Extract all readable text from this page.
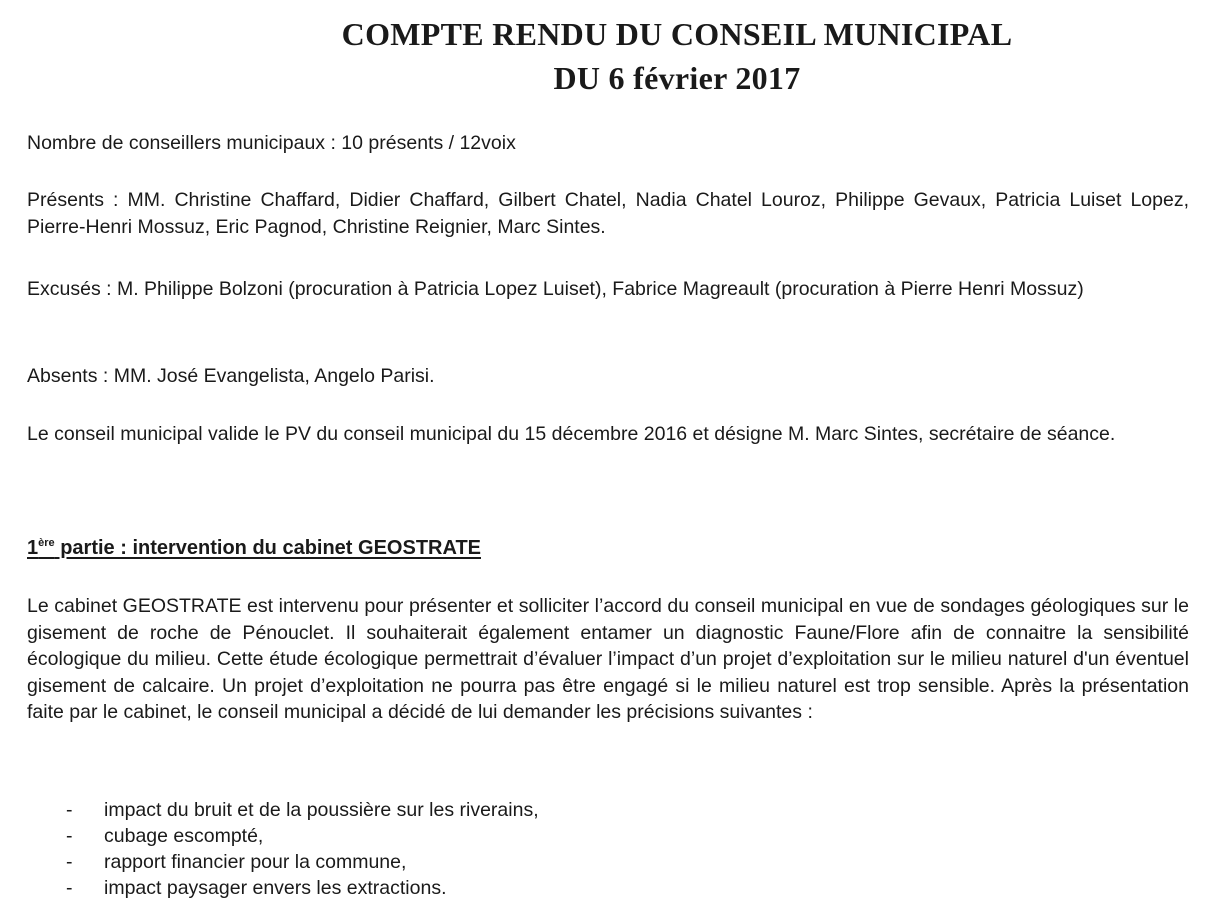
COMPTE RENDU DU CONSEIL MUNICIPAL
DU 6 février 2017

Nombre de conseillers municipaux : 10 présents / 12voix

Présents : MM. Christine Chaffard, Didier Chaffard, Gilbert Chatel, Nadia Chatel Louroz, Philippe Gevaux, Patricia Luiset Lopez, Pierre-Henri Mossuz, Eric Pagnod, Christine Reignier, Marc Sintes.

Excusés : M. Philippe Bolzoni (procuration à Patricia Lopez Luiset), Fabrice Magreault (procuration à Pierre Henri Mossuz)

Absents : MM. José Evangelista, Angelo Parisi.

Le conseil municipal valide le PV du conseil municipal du 15 décembre 2016 et désigne M. Marc Sintes, secrétaire de séance.

1ère partie : intervention du cabinet GEOSTRATE

Le cabinet GEOSTRATE est intervenu pour présenter et solliciter l’accord du conseil municipal en vue de sondages géologiques sur le gisement de roche de Pénouclet. Il souhaiterait également entamer un diagnostic Faune/Flore afin de connaitre la sensibilité écologique du milieu. Cette étude écologique permettrait d’évaluer l’impact d’un projet d’exploitation sur le milieu naturel d'un éventuel gisement de calcaire. Un projet d’exploitation ne pourra pas être engagé si le milieu naturel est trop sensible. Après la présentation faite par le cabinet, le conseil municipal a décidé de lui demander les précisions suivantes :

- impact du bruit et de la poussière sur les riverains,
- cubage escompté,
- rapport financier pour la commune,
- impact paysager envers les extractions.
